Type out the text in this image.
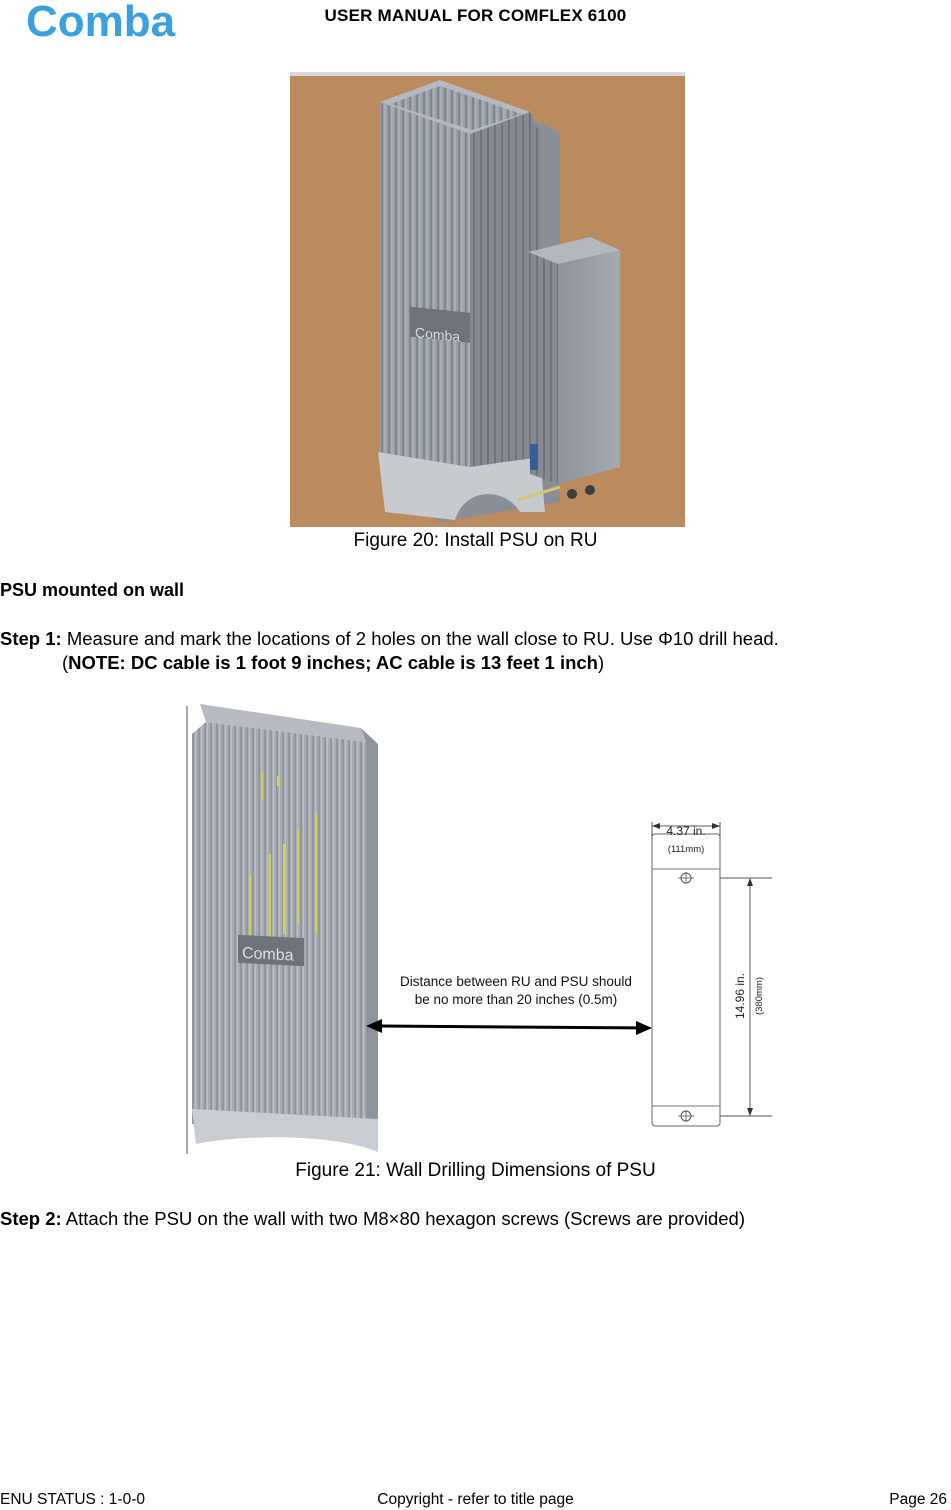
Comba	USER MANUAL FOR COMFLEX 6100
Comba
Figure 20: Install PSU on RU
PSU mounted on wall
Step 1: Measure and mark the locations of 2 holes on the wall close to RU. Use Φ10 drill head.
(NOTE: DC cable is 1 foot 9 inches; AC cable is 13 feet 1 inch)
Comba
4.37 in.
(111mm)
14.96 in. (380mm)
Distance between RU and PSU should
be no more than 20 inches (0.5m)
Figure 21: Wall Drilling Dimensions of PSU
Step 2: Attach the PSU on the wall with two M8×80 hexagon screws (Screws are provided)
ENU STATUS : 1-0-0	Copyright - refer to title page	Page 26
